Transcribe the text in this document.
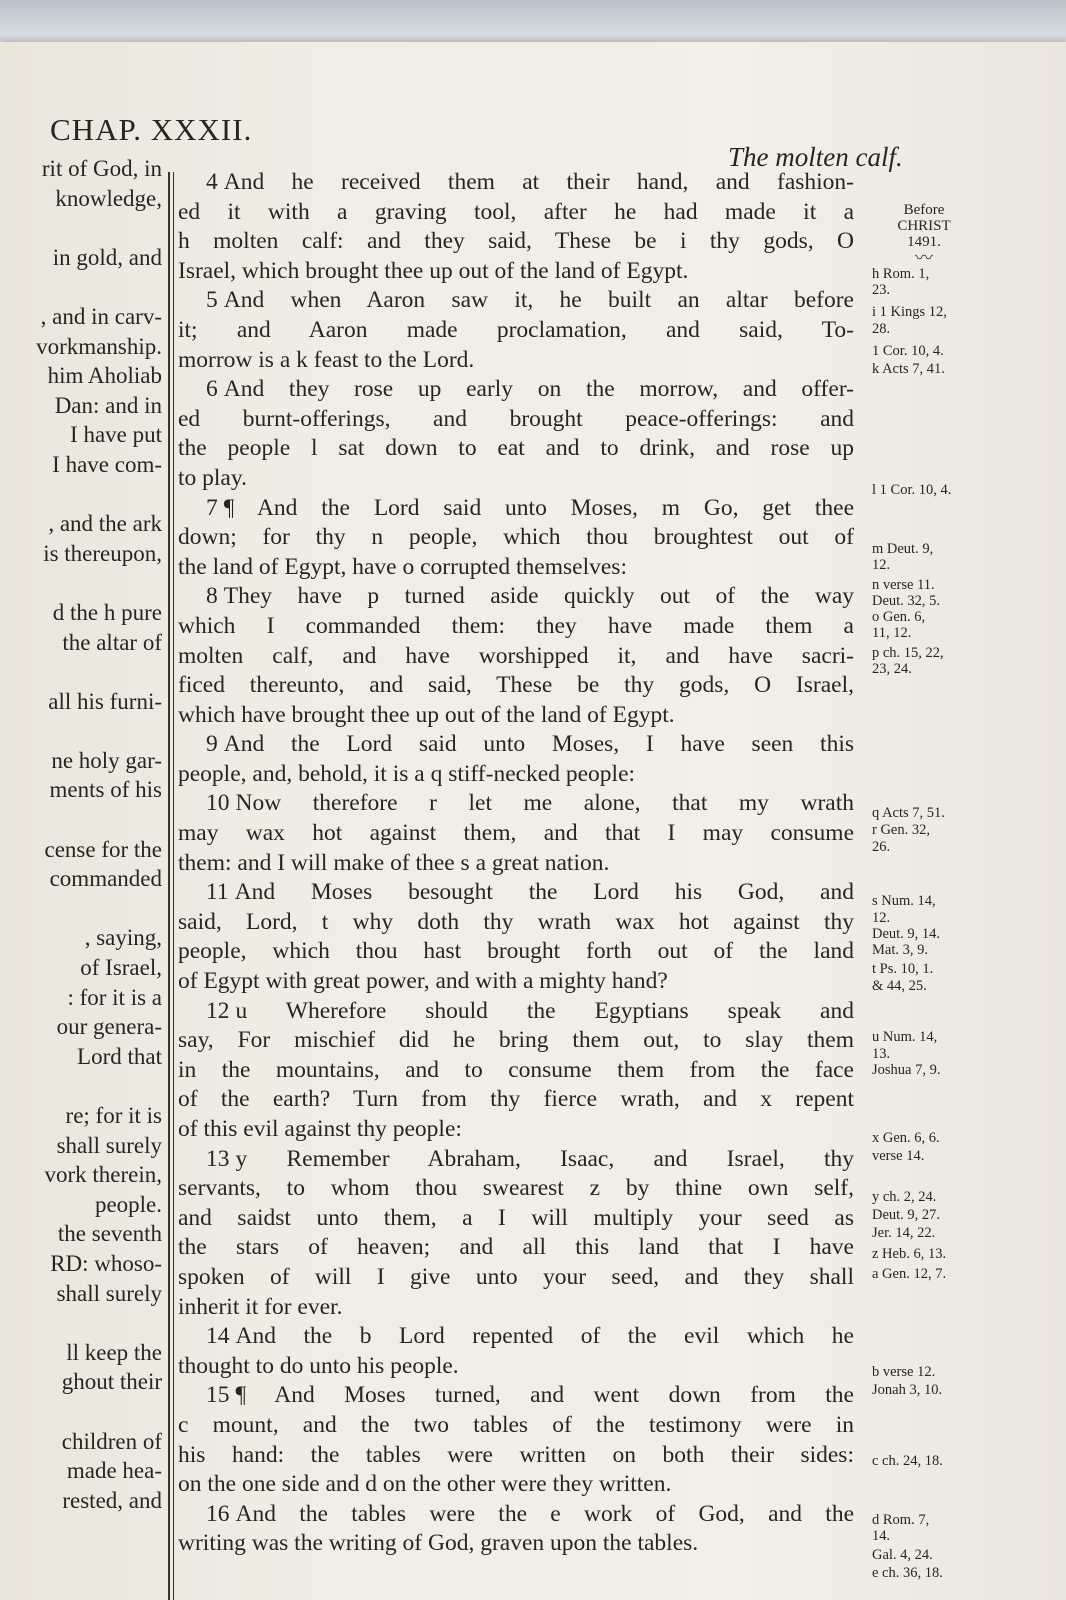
CHAP. XXXII.
The molten calf.
rit of God, in
knowledge,
in gold, and
, and in carv-
vorkmanship.
him Aholiab
Dan: and in
I have put
I have com-
, and the ark
is thereupon,
d the h pure
the altar of
all his furni-
ne holy gar-
ments of his
cense for the
commanded
, saying,
of Israel,
: for it is a
our genera-
Lord that
re; for it is
shall surely
vork therein,
people.
the seventh
RD: whoso-
shall surely
ll keep the
ghout their
children of
made hea-
rested, and
Before
CHRIST
1491.
〰
4 And he received them at their hand, and fashion-
ed it with a graving tool, after he had made it a
h molten calf: and they said, These be i thy gods, O
Israel, which brought thee up out of the land of Egypt.
5 And when Aaron saw it, he built an altar before
it; and Aaron made proclamation, and said, To-
morrow is a k feast to the Lord.
6 And they rose up early on the morrow, and offer-
ed burnt-offerings, and brought peace-offerings: and
the people l sat down to eat and to drink, and rose up
to play.
7 ¶ And the Lord said unto Moses, m Go, get thee
down; for thy n people, which thou broughtest out of
the land of Egypt, have o corrupted themselves:
8 They have p turned aside quickly out of the way
which I commanded them: they have made them a
molten calf, and have worshipped it, and have sacri-
ficed thereunto, and said, These be thy gods, O Israel,
which have brought thee up out of the land of Egypt.
9 And the Lord said unto Moses, I have seen this
people, and, behold, it is a q stiff-necked people:
10 Now therefore r let me alone, that my wrath
may wax hot against them, and that I may consume
them: and I will make of thee s a great nation.
11 And Moses besought the Lord his God, and
said, Lord, t why doth thy wrath wax hot against thy
people, which thou hast brought forth out of the land
of Egypt with great power, and with a mighty hand?
12 u Wherefore should the Egyptians speak and
say, For mischief did he bring them out, to slay them
in the mountains, and to consume them from the face
of the earth? Turn from thy fierce wrath, and x repent
of this evil against thy people:
13 y Remember Abraham, Isaac, and Israel, thy
servants, to whom thou swearest z by thine own self,
and saidst unto them, a I will multiply your seed as
the stars of heaven; and all this land that I have
spoken of will I give unto your seed, and they shall
inherit it for ever.
14 And the b Lord repented of the evil which he
thought to do unto his people.
15 ¶ And Moses turned, and went down from the
c mount, and the two tables of the testimony were in
his hand: the tables were written on both their sides:
on the one side and d on the other were they written.
16 And the tables were the e work of God, and the
writing was the writing of God, graven upon the tables.
h Rom. 1,
23.
i 1 Kings 12,
28.
1 Cor. 10, 4.
k Acts 7, 41.
l 1 Cor. 10, 4.
m Deut. 9,
12.
n verse 11.
Deut. 32, 5.
o Gen. 6,
11, 12.
p ch. 15, 22,
23, 24.
q Acts 7, 51.
r Gen. 32,
26.
s Num. 14,
12.
Deut. 9, 14.
Mat. 3, 9.
t Ps. 10, 1.
& 44, 25.
u Num. 14,
13.
Joshua 7, 9.
x Gen. 6, 6.
verse 14.
y ch. 2, 24.
Deut. 9, 27.
Jer. 14, 22.
z Heb. 6, 13.
a Gen. 12, 7.
b verse 12.
Jonah 3, 10.
c ch. 24, 18.
d Rom. 7,
14.
Gal. 4, 24.
e ch. 36, 18.
